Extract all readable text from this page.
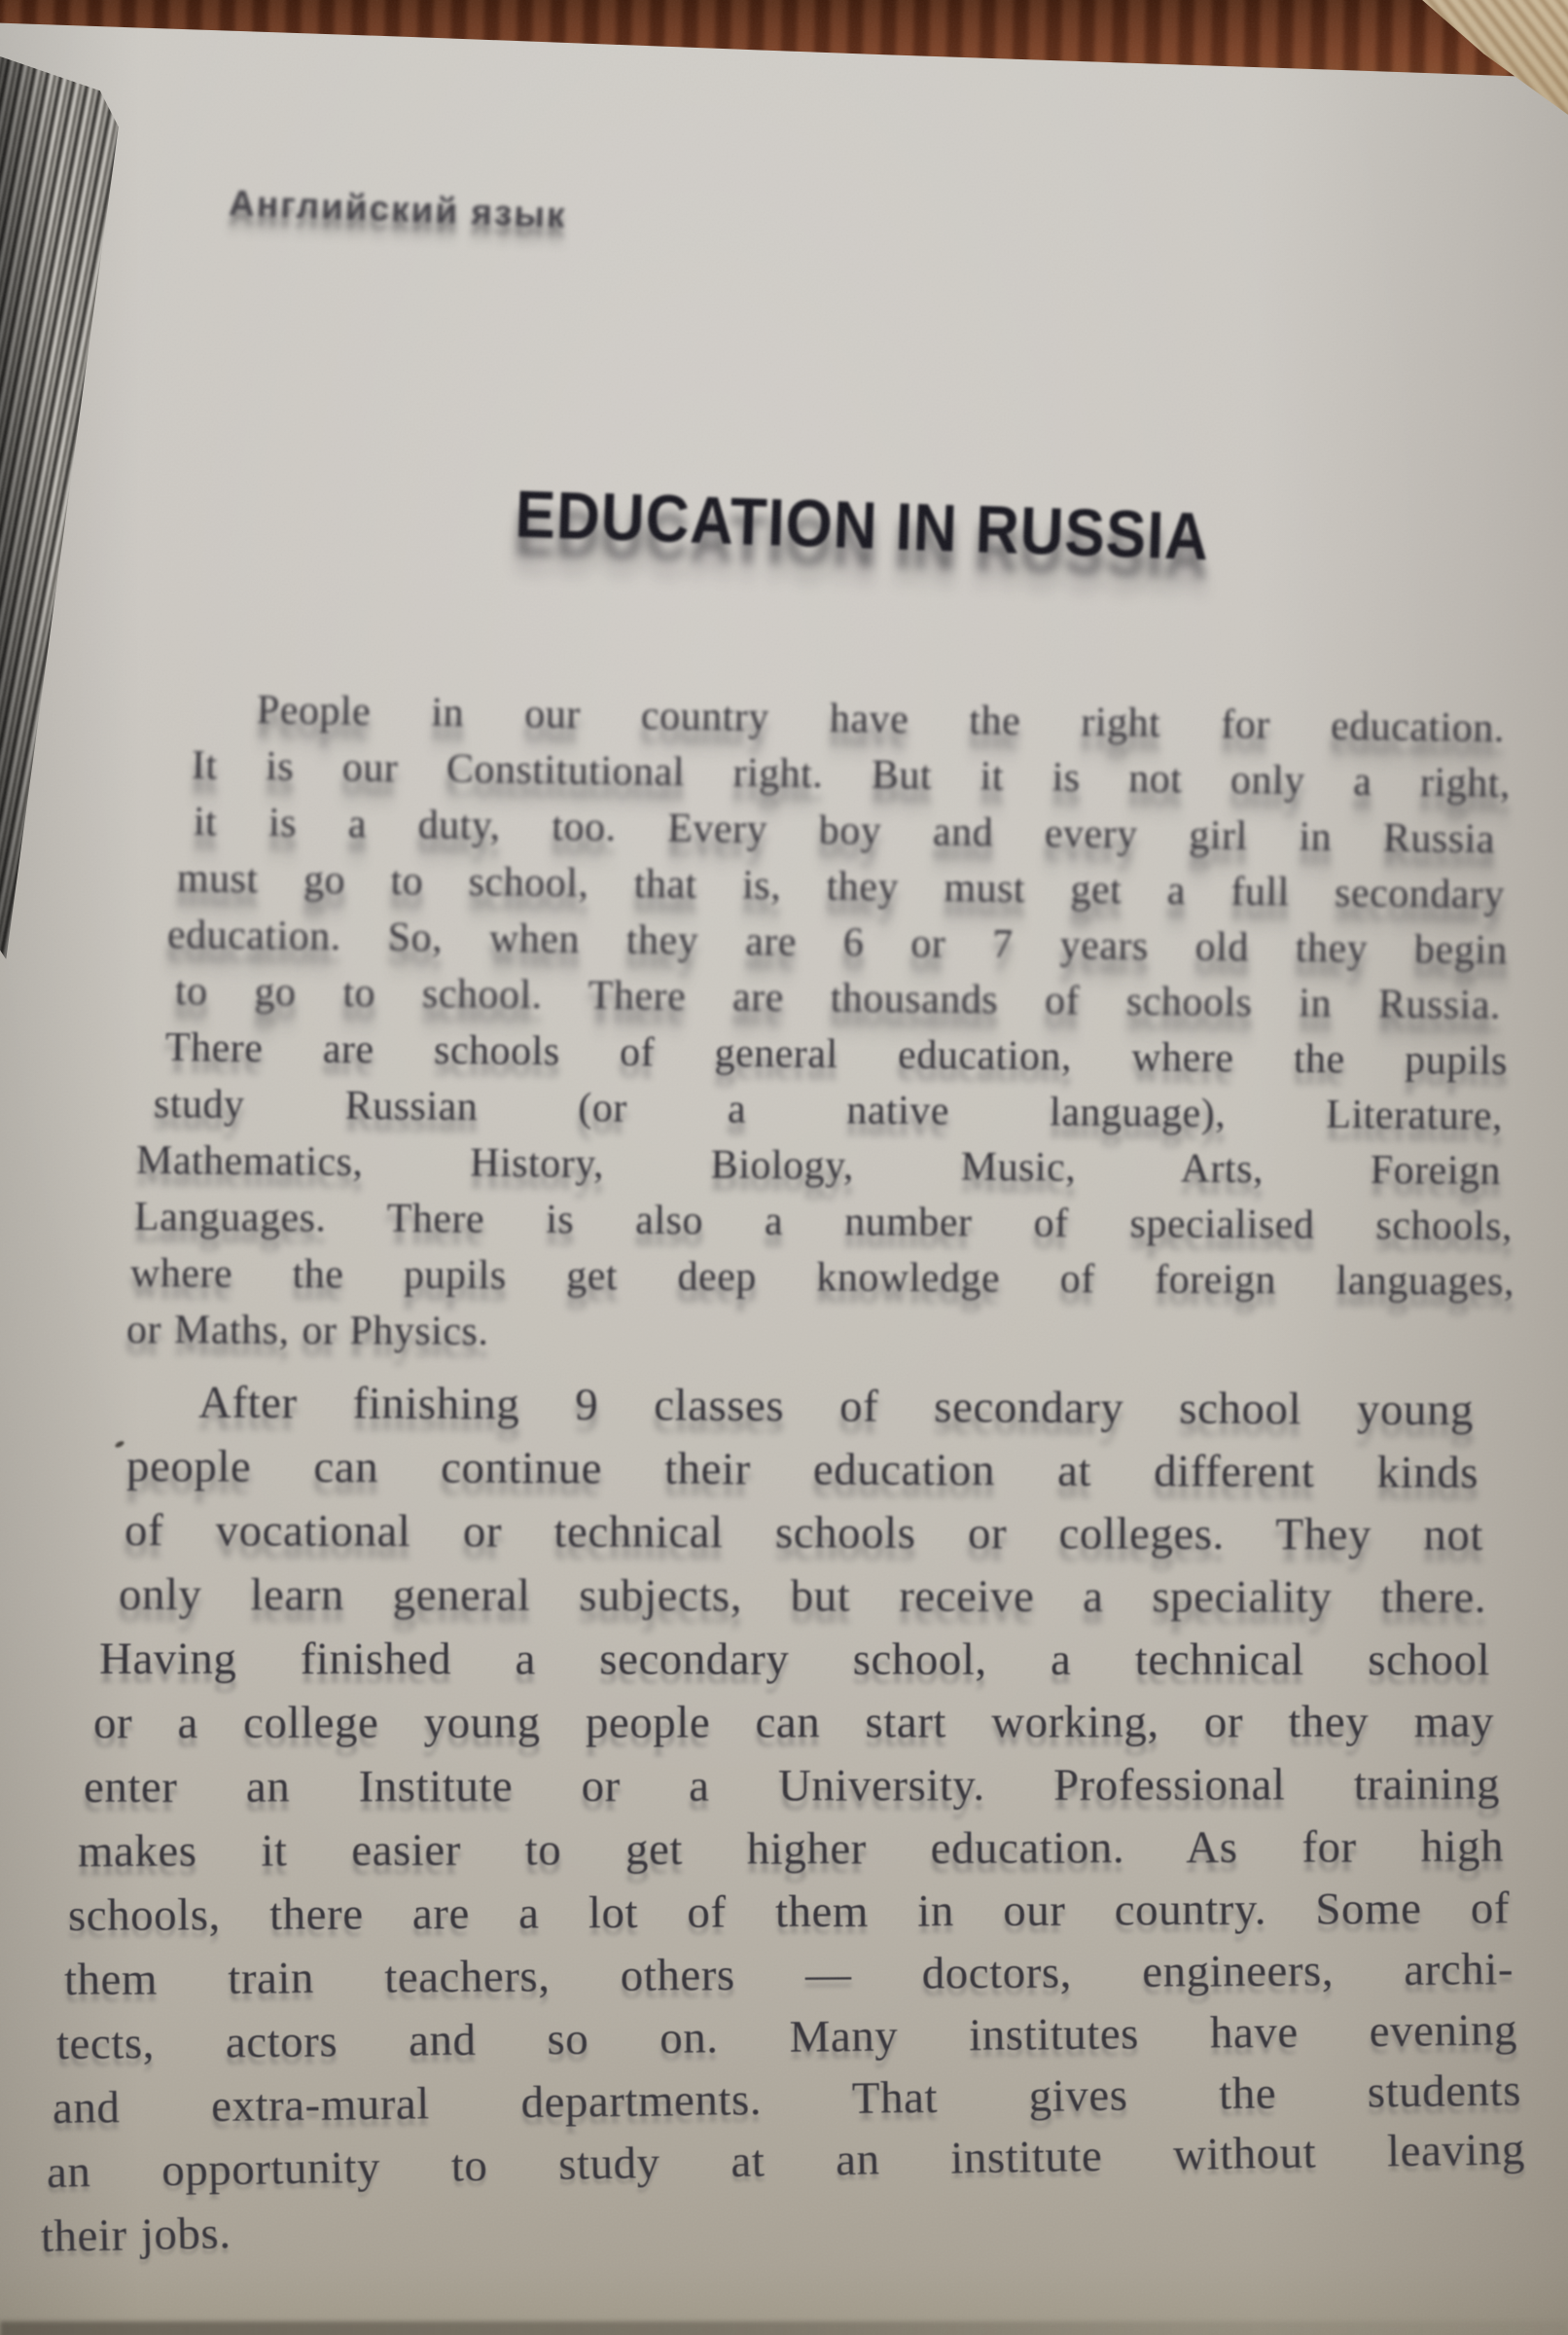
Английский язык
EDUCATION IN RUSSIA
People in our country have the right for education.
It is our Constitutional right. But it is not only a right,
it is a duty, too. Every boy and every girl in Russia
must go to school, that is, they must get a full secondary
education. So, when they are 6 or 7 years old they begin
to go to school. There are thousands of schools in Russia.
There are schools of general education, where the pupils
study Russian (or a native language), Literature,
Mathematics, History, Biology, Music, Arts, Foreign
Languages. There is also a number of specialised schools,
where the pupils get deep knowledge of foreign languages,
or Maths, or Physics.
After finishing 9 classes of secondary school young
people can continue their education at different kinds
of vocational or technical schools or colleges. They not
only learn general subjects, but receive a speciality there.
Having finished a secondary school, a technical school
or a college young people can start working, or they may
enter an Institute or a University. Professional training
makes it easier to get higher education. As for high
schools, there are a lot of them in our country. Some of
them train teachers, others — doctors, engineers, archi-
tects, actors and so on. Many institutes have evening
and extra-mural departments. That gives the students
an opportunity to study at an institute without leaving
their jobs.
